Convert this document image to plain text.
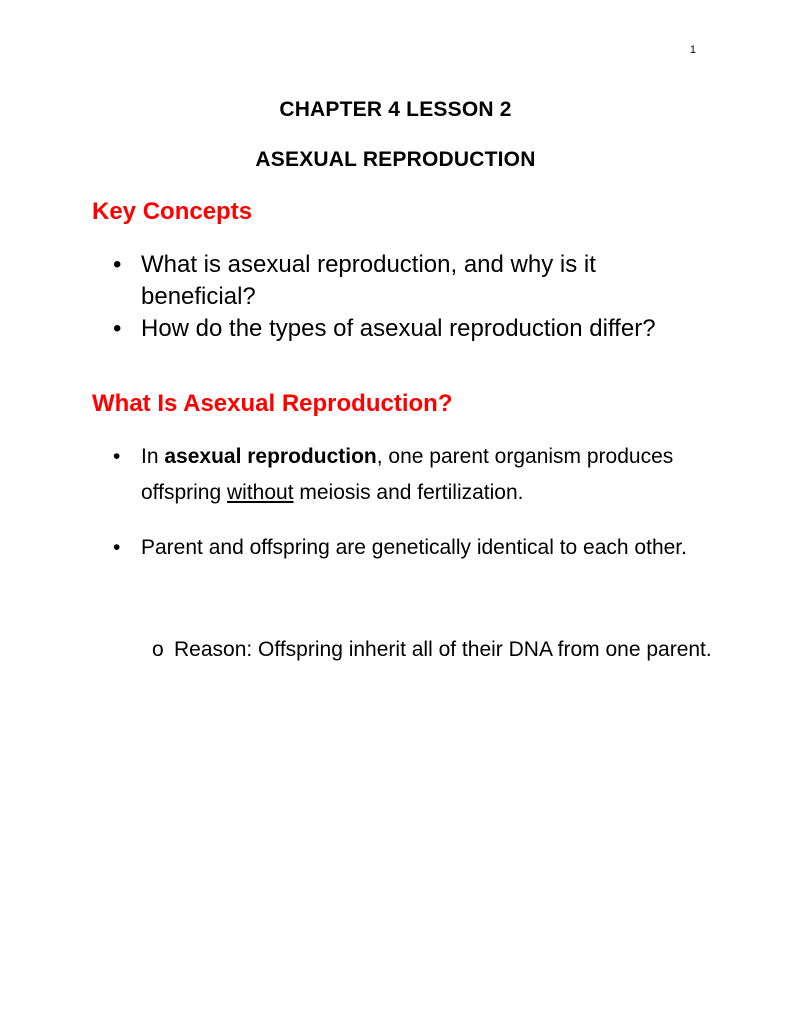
1
CHAPTER 4 LESSON 2
ASEXUAL REPRODUCTION
Key Concepts
• What is asexual reproduction, and why is it beneficial?
• How do the types of asexual reproduction differ?
What Is Asexual Reproduction?
• In asexual reproduction, one parent organism produces offspring without meiosis and fertilization.
• Parent and offspring are genetically identical to each other.

o Reason: Offspring inherit all of their DNA from one parent.
